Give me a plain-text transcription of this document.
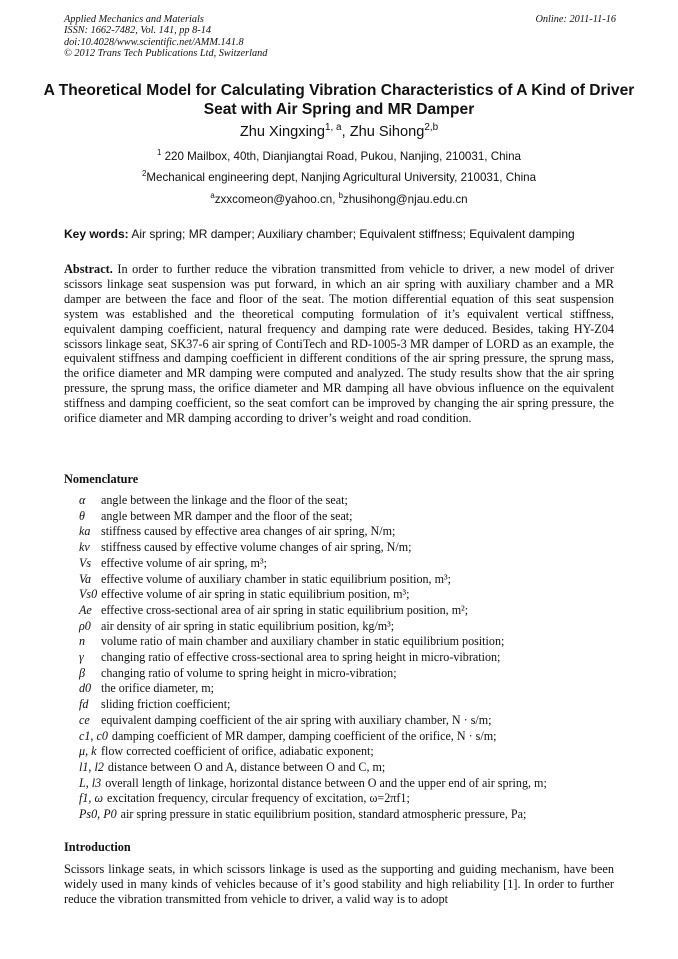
Applied Mechanics and Materials
ISSN: 1662-7482, Vol. 141, pp 8-14
doi:10.4028/www.scientific.net/AMM.141.8
© 2012 Trans Tech Publications Ltd, Switzerland
Online: 2011-11-16
A Theoretical Model for Calculating Vibration Characteristics of A Kind of Driver Seat with Air Spring and MR Damper
Zhu Xingxing$^{1, a}$, Zhu Sihong$^{2,b}$
$^1$ 220 Mailbox, 40th, Dianjiangtai Road, Pukou, Nanjing, 210031, China
$^2$Mechanical engineering dept, Nanjing Agricultural University, 210031, China
$^a$zxxcomeon@yahoo.cn, $^b$zhusihong@njau.edu.cn
Key words: Air spring; MR damper; Auxiliary chamber; Equivalent stiffness; Equivalent damping
Abstract. In order to further reduce the vibration transmitted from vehicle to driver, a new model of driver scissors linkage seat suspension was put forward, in which an air spring with auxiliary chamber and a MR damper are between the face and floor of the seat. The motion differential equation of this seat suspension system was established and the theoretical computing formulation of it’s equivalent vertical stiffness, equivalent damping coefficient, natural frequency and damping rate were deduced. Besides, taking HY-Z04 scissors linkage seat, SK37-6 air spring of ContiTech and RD-1005-3 MR damper of LORD as an example, the equivalent stiffness and damping coefficient in different conditions of the air spring pressure, the sprung mass, the orifice diameter and MR damping were computed and analyzed. The study results show that the air spring pressure, the sprung mass, the orifice diameter and MR damping all have obvious influence on the equivalent stiffness and damping coefficient, so the seat comfort can be improved by changing the air spring pressure, the orifice diameter and MR damping according to driver’s weight and road condition.
Nomenclature
α angle between the linkage and the floor of the seat;
θ angle between MR damper and the floor of the seat;
ka stiffness caused by effective area changes of air spring, N/m;
kv stiffness caused by effective volume changes of air spring, N/m;
Vs effective volume of air spring, m³;
Va effective volume of auxiliary chamber in static equilibrium position, m³;
Vs0 effective volume of air spring in static equilibrium position, m³;
Ae effective cross-sectional area of air spring in static equilibrium position, m²;
ρ0 air density of air spring in static equilibrium position, kg/m³;
n volume ratio of main chamber and auxiliary chamber in static equilibrium position;
γ changing ratio of effective cross-sectional area to spring height in micro-vibration;
β changing ratio of volume to spring height in micro-vibration;
d0 the orifice diameter, m;
fd sliding friction coefficient;
ce equivalent damping coefficient of the air spring with auxiliary chamber, N · s/m;
c1, c0 damping coefficient of MR damper, damping coefficient of the orifice, N · s/m;
μ, k flow corrected coefficient of orifice, adiabatic exponent;
l1, l2 distance between O and A, distance between O and C, m;
L, l3 overall length of linkage, horizontal distance between O and the upper end of air spring, m;
f1, ω excitation frequency, circular frequency of excitation, ω=2πf1;
Ps0, P0 air spring pressure in static equilibrium position, standard atmospheric pressure, Pa;
Introduction
Scissors linkage seats, in which scissors linkage is used as the supporting and guiding mechanism, have been widely used in many kinds of vehicles because of it’s good stability and high reliability [1]. In order to further reduce the vibration transmitted from vehicle to driver, a valid way is to adopt
